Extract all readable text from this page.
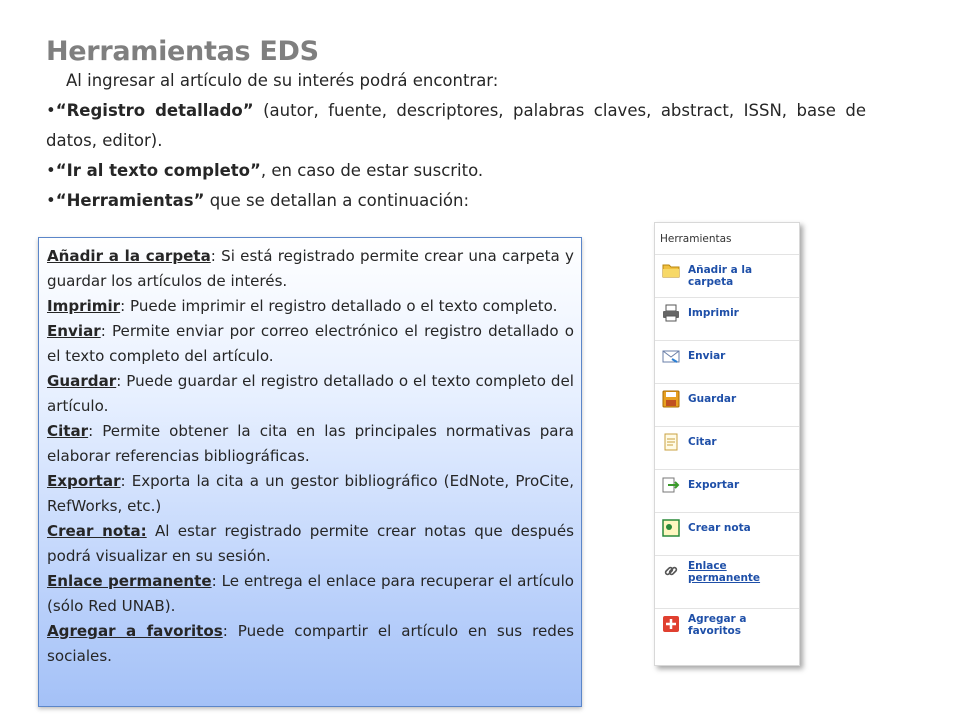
Herramientas EDS
Al ingresar al artículo de su interés podrá encontrar:
•“Registro detallado” (autor, fuente, descriptores, palabras claves, abstract, ISSN, base de datos, editor).
•“Ir al texto completo”, en caso de estar suscrito.
•“Herramientas” que se detallan a continuación:

Añadir a la carpeta: Si está registrado permite crear una carpeta y guardar los artículos de interés.

Imprimir: Puede imprimir el registro detallado o el texto completo.

Enviar: Permite enviar por correo electrónico el registro detallado o el texto completo del artículo.

Guardar: Puede guardar el registro detallado o el texto completo del artículo.

Citar: Permite obtener la cita en las principales normativas para elaborar referencias bibliográficas.

Exportar: Exporta la cita a un gestor bibliográfico (EdNote, ProCite, RefWorks, etc.)

Crear nota: Al estar registrado permite crear notas que después podrá visualizar en su sesión.

Enlace permanente: Le entrega el enlace para recuperar el artículo (sólo Red UNAB).

Agregar a favoritos: Puede compartir el artículo en sus redes sociales.

Herramientas
Añadir a la carpeta
Imprimir
Enviar
Guardar
Citar
Exportar
Crear nota
Enlace
permanente
Agregar a
favoritos
